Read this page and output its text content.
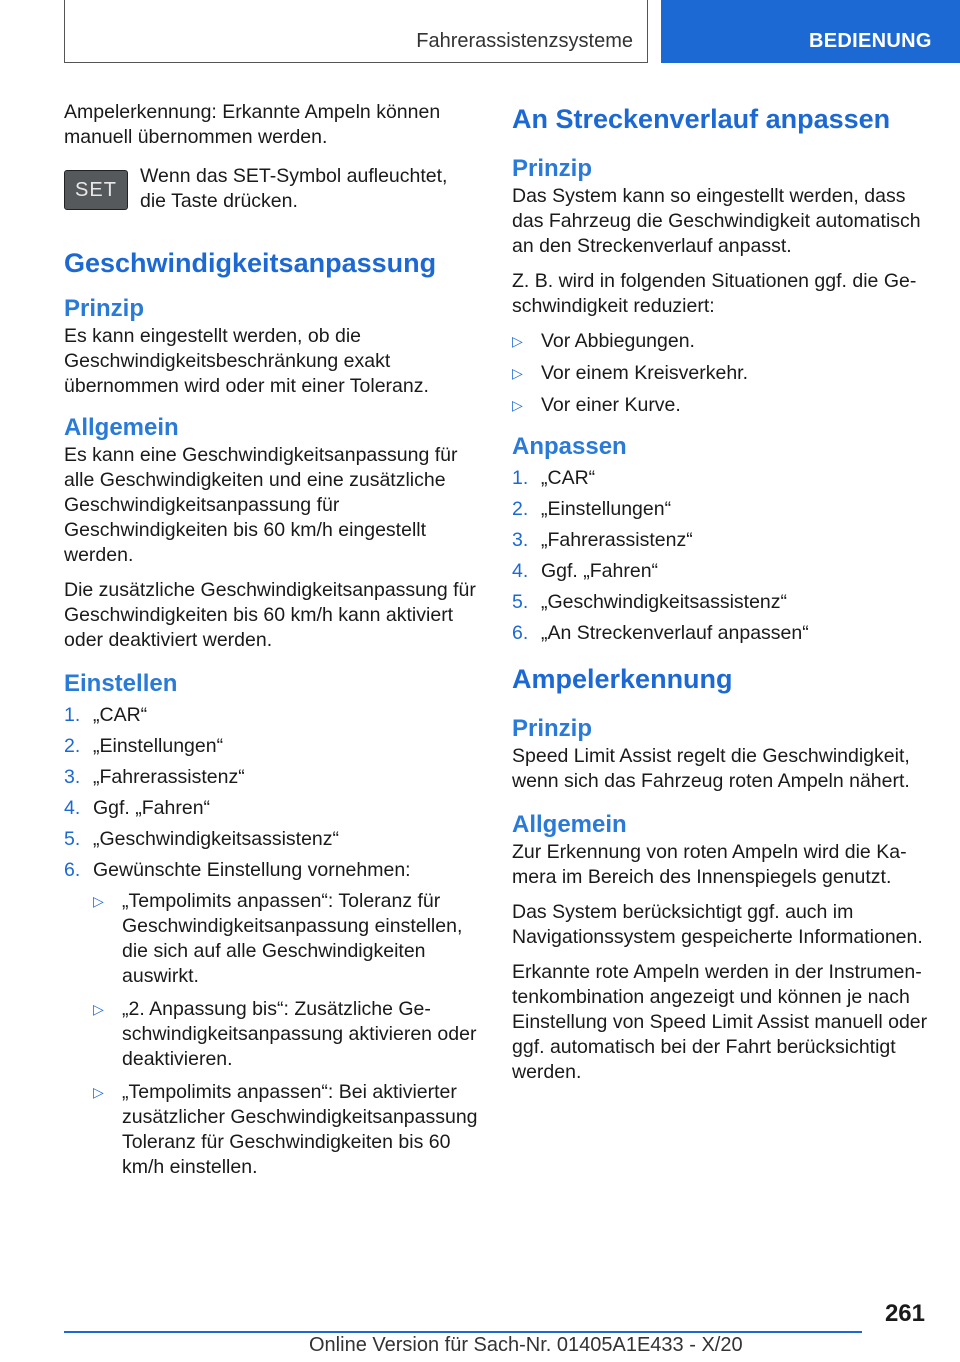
Fahrerassistenzsysteme	BEDIENUNG

Ampelerkennung: Erkannte Ampeln können manuell übernommen werden.

SET

Wenn das SET-Symbol aufleuchtet, die Taste drücken.

Geschwindigkeitsanpassung
Prinzip

Es kann eingestellt werden, ob die Geschwindigkeitsbeschränkung exakt übernommen wird oder mit einer Toleranz.

Allgemein

Es kann eine Geschwindigkeitsanpassung für alle Geschwindigkeiten und eine zusätzliche Geschwindigkeitsanpassung für Geschwindigkeiten bis 60 km/h eingestellt werden.

Die zusätzliche Geschwindigkeitsanpassung für Geschwindigkeiten bis 60 km/h kann aktiviert oder deaktiviert werden.

Einstellen
1. „CAR“
2. „Einstellungen“
3. „Fahrerassistenz“
4. Ggf. „Fahren“
5. „Geschwindigkeitsassistenz“
6. Gewünschte Einstellung vornehmen:
▷ „Tempolimits anpassen“: Toleranz für Geschwindigkeitsanpassung einstellen, die sich auf alle Geschwindigkeiten auswirkt.
▷ „2. Anpassung bis“: Zusätzliche Geschwindigkeitsanpassung aktivieren oder deaktivieren.
▷ „Tempolimits anpassen“: Bei aktivierter zusätzlicher Geschwindigkeitsanpassung Toleranz für Geschwindigkeiten bis 60 km/h einstellen.
An Streckenverlauf anpassen
Prinzip

Das System kann so eingestellt werden, dass das Fahrzeug die Geschwindigkeit automatisch an den Streckenverlauf anpasst.

Z. B. wird in folgenden Situationen ggf. die Geschwindigkeit reduziert:

▷ Vor Abbiegungen.
▷ Vor einem Kreisverkehr.
▷ Vor einer Kurve.
Anpassen
1. „CAR“
2. „Einstellungen“
3. „Fahrerassistenz“
4. Ggf. „Fahren“
5. „Geschwindigkeitsassistenz“
6. „An Streckenverlauf anpassen“
Ampelerkennung
Prinzip

Speed Limit Assist regelt die Geschwindigkeit, wenn sich das Fahrzeug roten Ampeln nähert.

Allgemein

Zur Erkennung von roten Ampeln wird die Kamera im Bereich des Innenspiegels genutzt.

Das System berücksichtigt ggf. auch im Navigationssystem gespeicherte Informationen.

Erkannte rote Ampeln werden in der Instrumentenkombination angezeigt und können je nach Einstellung von Speed Limit Assist manuell oder ggf. automatisch bei der Fahrt berücksichtigt werden.

261
Online Version für Sach-Nr. 01405A1E433 - X/20
